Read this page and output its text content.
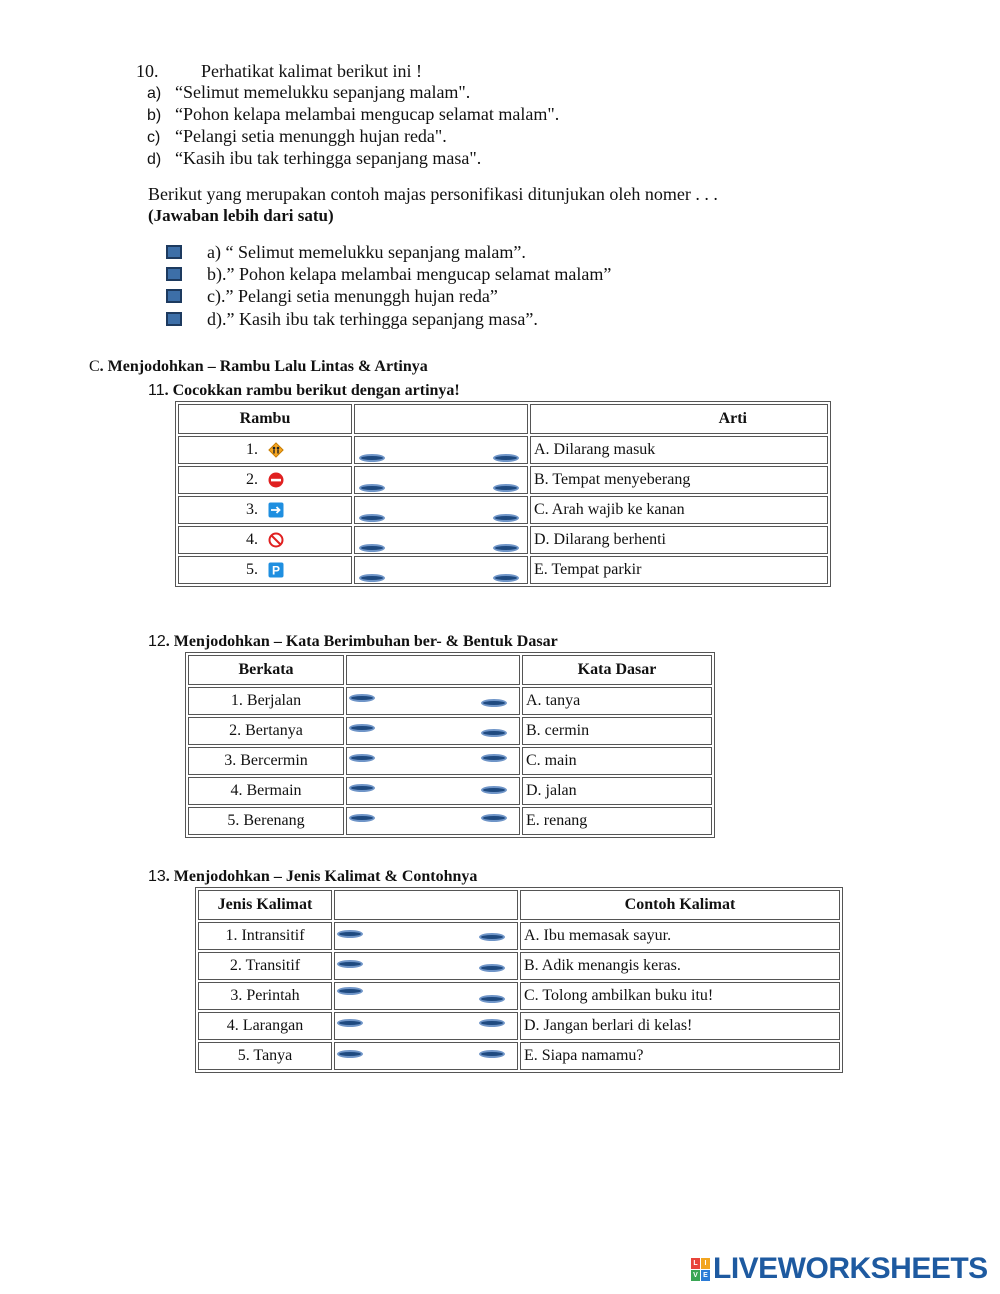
10. Perhatikat kalimat berikut ini !
a) “Selimut memelukku sepanjang malam".
b) “Pohon kelapa melambai mengucap selamat malam".
c) “Pelangi setia menunggh hujan reda".
d) “Kasih ibu tak terhingga sepanjang masa".
Berikut yang merupakan contoh majas personifikasi ditunjukan oleh nomer . . .
(Jawaban lebih dari satu)
a) “ Selimut memelukku sepanjang malam”.
b).” Pohon kelapa melambai mengucap selamat malam”
c).” Pelangi setia menunggh hujan reda”
d).” Kasih ibu tak terhingga sepanjang masa”.
C. Menjodohkan – Rambu Lalu Lintas & Artinya
11. Cocokkan rambu berikut dengan artinya!
Rambu		Arti
1.		A. Dilarang masuk
2.		B. Tempat menyeberang
3.		C. Arah wajib ke kanan
4.		D. Dilarang berhenti
5. P		E. Tempat parkir
12. Menjodohkan – Kata Berimbuhan ber- & Bentuk Dasar
Berkata		Kata Dasar
1. Berjalan		A. tanya
2. Bertanya		B. cermin
3. Bercermin		C. main
4. Bermain		D. jalan
5. Berenang		E. renang
13. Menjodohkan – Jenis Kalimat & Contohnya
Jenis Kalimat		Contoh Kalimat
1. Intransitif		A. Ibu memasak sayur.
2. Transitif		B. Adik menangis keras.
3. Perintah		C. Tolong ambilkan buku itu!
4. Larangan		D. Jangan berlari di kelas!
5. Tanya		E. Siapa namamu?
L I
V E LIVEWORKSHEETS
